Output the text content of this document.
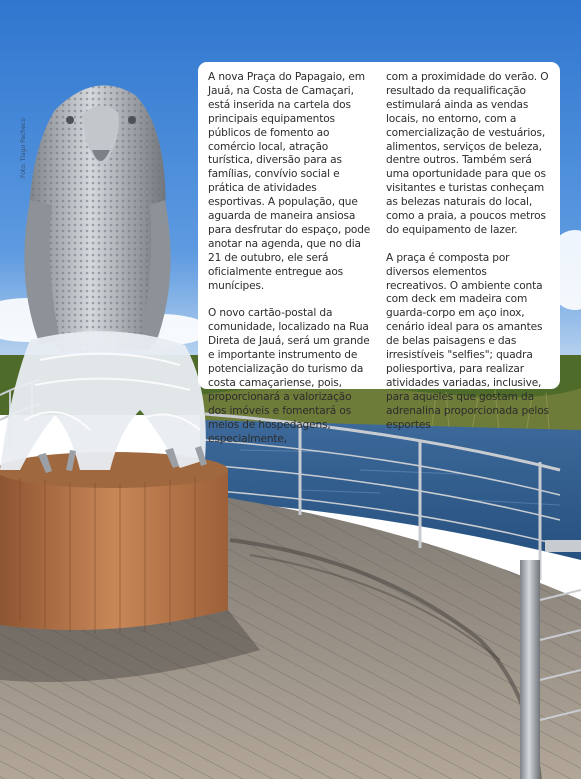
Foto: Tiago Pacheco

A nova Praça do Papagaio, em Jauá, na Costa de Camaçari, está inserida na cartela dos principais equipamentos públicos de fomento ao comércio local, atração turística, diversão para as famílias, convívio social e prática de atividades esportivas. A população, que aguarda de maneira ansiosa para desfrutar do espaço, pode anotar na agenda, que no dia 21 de outubro, ele será oficialmente entregue aos munícipes.

O novo cartão-postal da comunidade, localizado na Rua Direta de Jauá, será um grande e importante instrumento de potencialização do turismo da costa camaçariense, pois, proporcionará a valorização dos imóveis e fomentará os meios de hospedagens, especialmente,

com a proximidade do verão. O resultado da requalificação estimulará ainda as vendas locais, no entorno, com a comercialização de vestuários, alimentos, serviços de beleza, dentre outros. Também será uma oportunidade para que os visitantes e turistas conheçam as belezas naturais do local, como a praia, a poucos metros do equipamento de lazer.

A praça é composta por diversos elementos recreativos. O ambiente conta com deck em madeira com guarda-corpo em aço inox, cenário ideal para os amantes de belas paisagens e das irresistíveis "selfies"; quadra poliesportiva, para realizar atividades variadas, inclusive, para aqueles que gostam da adrenalina proporcionada pelos esportes
